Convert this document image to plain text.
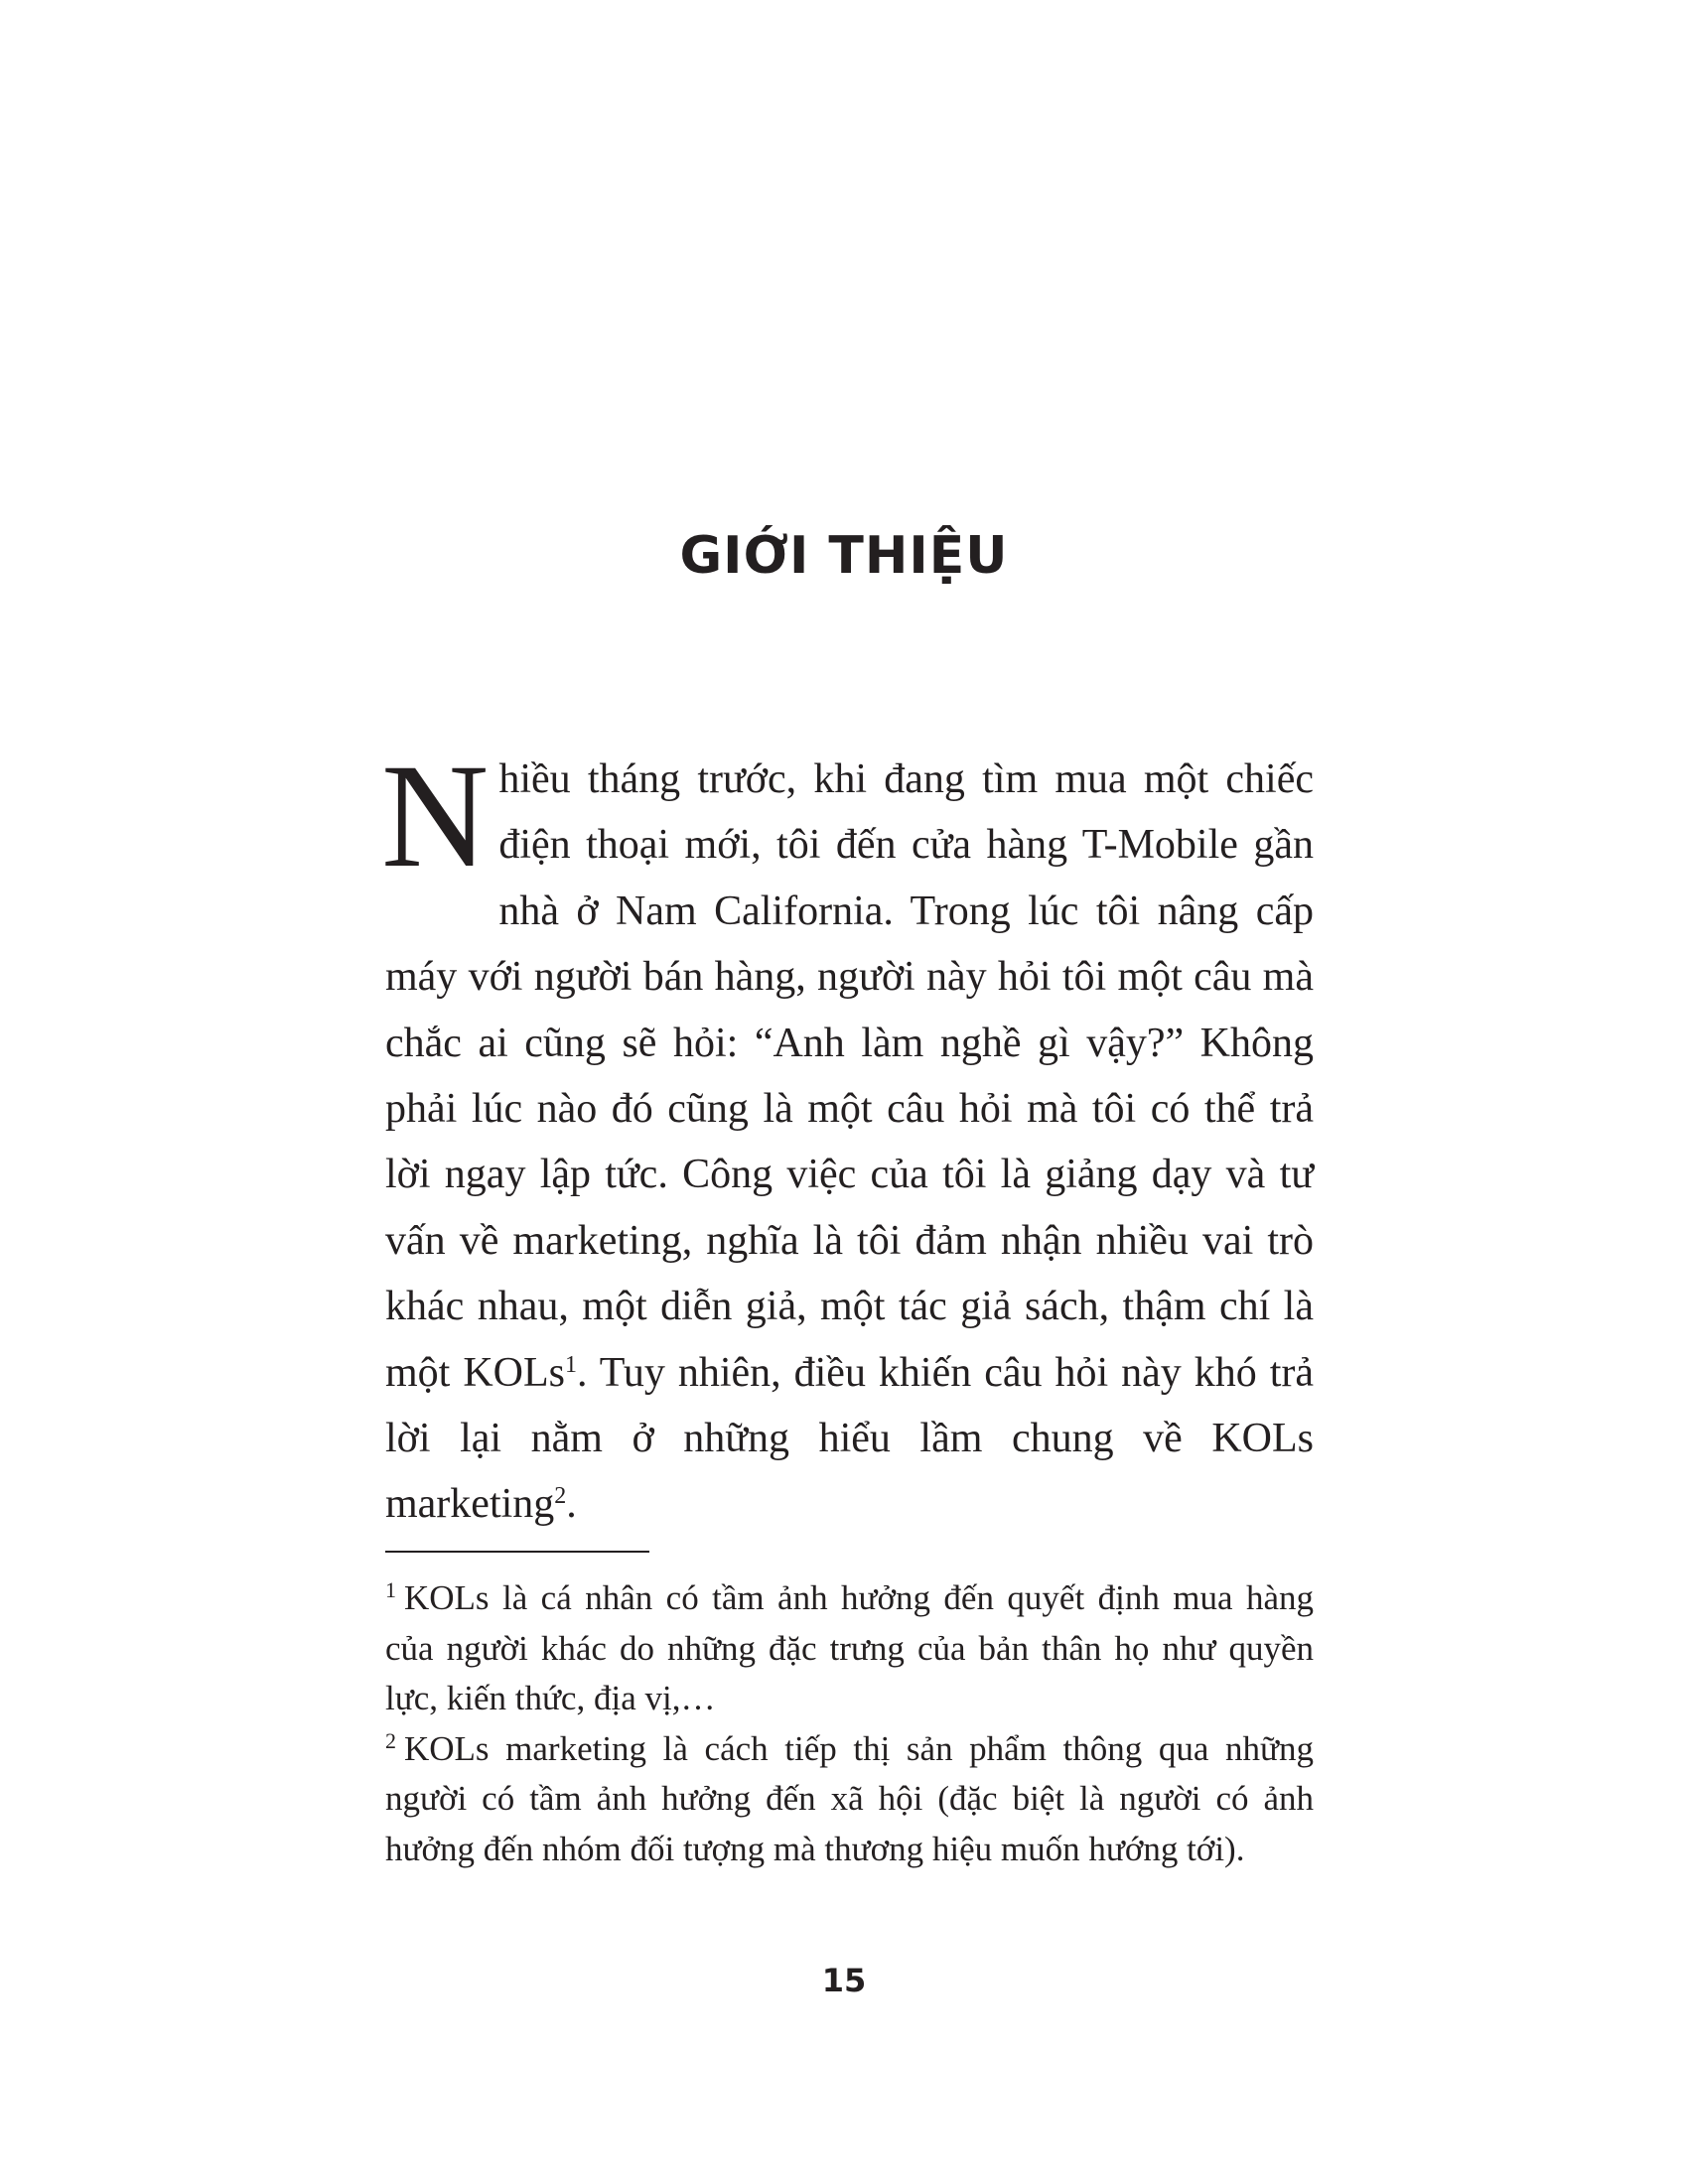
GIỚI THIỆU

Nhiều tháng trước, khi đang tìm mua một chiếc điện thoại mới, tôi đến cửa hàng T-Mobile gần nhà ở Nam California. Trong lúc tôi nâng cấp máy với người bán hàng, người này hỏi tôi một câu mà chắc ai cũng sẽ hỏi: “Anh làm nghề gì vậy?” Không phải lúc nào đó cũng là một câu hỏi mà tôi có thể trả lời ngay lập tức. Công việc của tôi là giảng dạy và tư vấn về marketing, nghĩa là tôi đảm nhận nhiều vai trò khác nhau, một diễn giả, một tác giả sách, thậm chí là một KOLs$^1$. Tuy nhiên, điều khiến câu hỏi này khó trả lời lại nằm ở những hiểu lầm chung về KOLs marketing$^2$.

$^1$ KOLs là cá nhân có tầm ảnh hưởng đến quyết định mua hàng của người khác do những đặc trưng của bản thân họ như quyền lực, kiến thức, địa vị,…

$^2$ KOLs marketing là cách tiếp thị sản phẩm thông qua những người có tầm ảnh hưởng đến xã hội (đặc biệt là người có ảnh hưởng đến nhóm đối tượng mà thương hiệu muốn hướng tới).

15
